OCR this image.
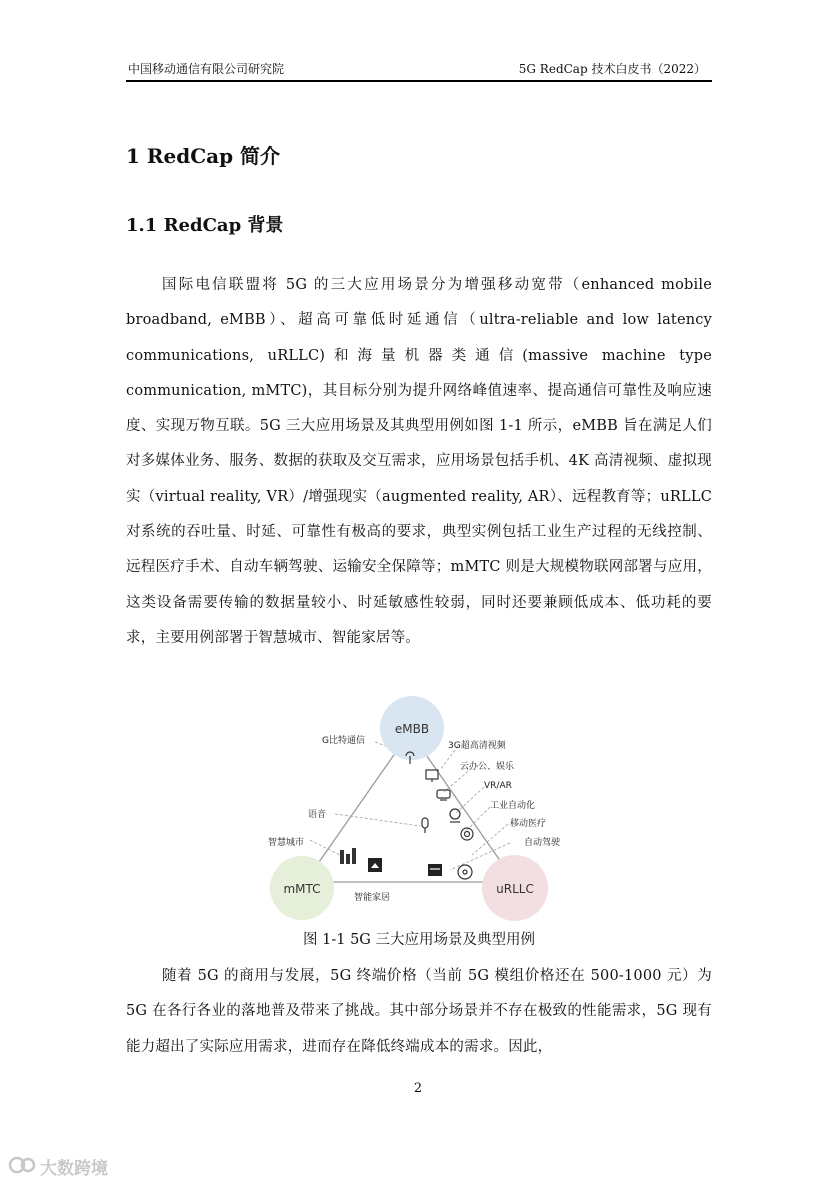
中国移动通信有限公司研究院	5G RedCap 技术白皮书（2022）
1 RedCap 简介
1.1 RedCap 背景

国际电信联盟将 5G 的三大应用场景分为增强移动宽带（enhanced mobile broadband, eMBB）、超高可靠低时延通信（ultra-reliable and low latency communications, uRLLC)和海量机器类通信(massive machine type communication, mMTC)，其目标分别为提升网络峰值速率、提高通信可靠性及响应速度、实现万物互联。5G 三大应用场景及其典型用例如图 1-1 所示，eMBB 旨在满足人们对多媒体业务、服务、数据的获取及交互需求，应用场景包括手机、4K 高清视频、虚拟现实（virtual reality, VR）/增强现实（augmented reality, AR）、远程教育等；uRLLC 对系统的吞吐量、时延、可靠性有极高的要求，典型实例包括工业生产过程的无线控制、远程医疗手术、自动车辆驾驶、运输安全保障等；mMTC 则是大规模物联网部署与应用，这类设备需要传输的数据量较小、时延敏感性较弱，同时还要兼顾低成本、低功耗的要求，主要用例部署于智慧城市、智能家居等。

eMBB
mMTC	uRLLC
G比特通信	3G超高清视频
云办公、娱乐
VR/AR
工业自动化
移动医疗
自动驾驶
语音
智慧城市
智能家居
图 1-1 5G 三大应用场景及典型用例

随着 5G 的商用与发展，5G 终端价格（当前 5G 模组价格还在 500-1000 元）为 5G 在各行各业的落地普及带来了挑战。其中部分场景并不存在极致的性能需求，5G 现有能力超出了实际应用需求，进而存在降低终端成本的需求。因此，

2
大数跨境
